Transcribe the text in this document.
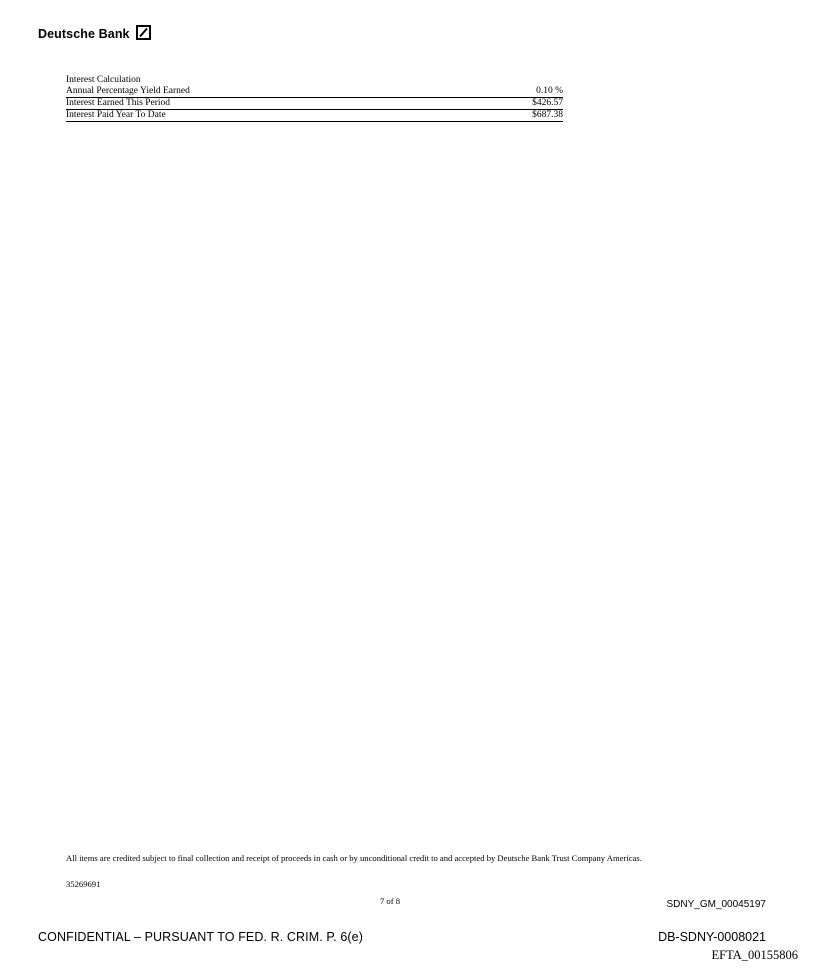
Deutsche Bank
Interest Calculation
Annual Percentage Yield Earned	0.10 %
Interest Earned This Period	$426.57
Interest Paid Year To Date	$687.38
All items are credited subject to final collection and receipt of proceeds in cash or by unconditional credit to and accepted by Deutsche Bank Trust Company Americas.
35269691
7 of 8	SDNY_GM_00045197
CONFIDENTIAL – PURSUANT TO FED. R. CRIM. P. 6(e)	DB-SDNY-0008021
EFTA_00155806
